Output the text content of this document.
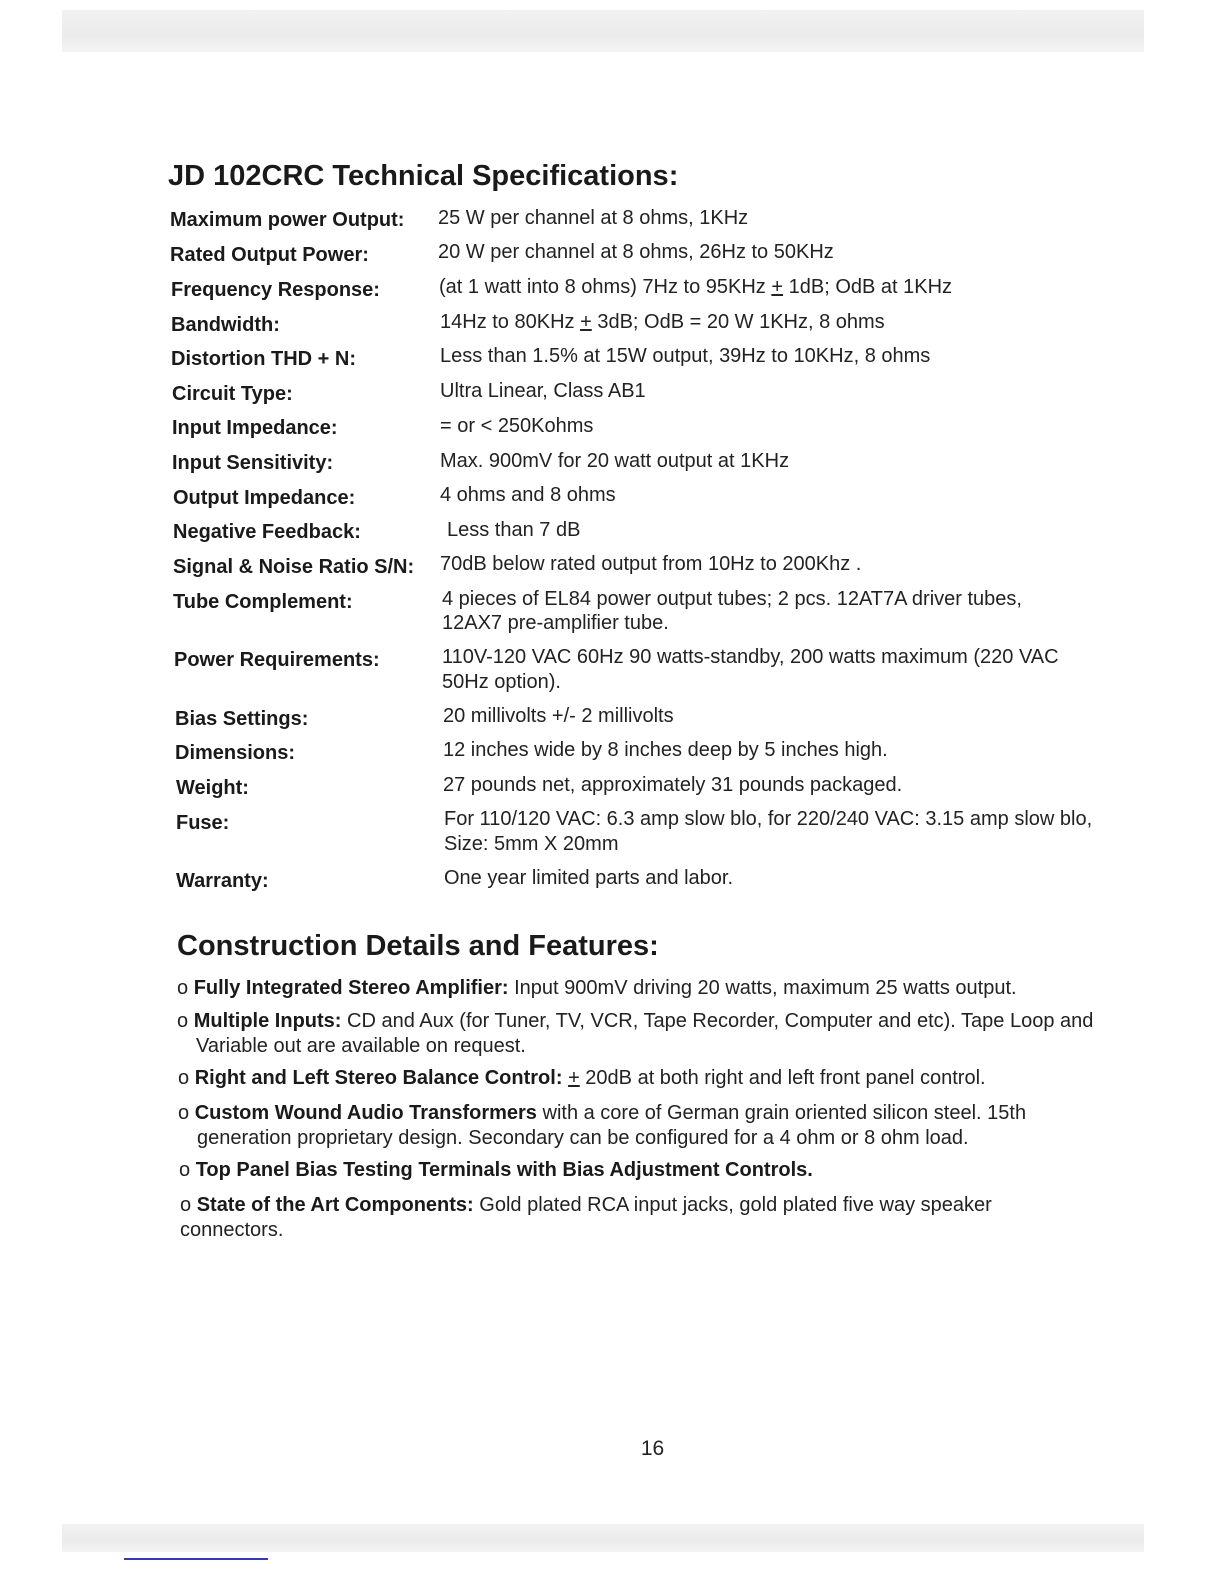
JD 102CRC Technical Specifications:
Maximum power Output: 25 W per channel at 8 ohms, 1KHz
Rated Output Power:	20 W per channel at 8 ohms, 26Hz to 50KHz
Frequency Response:	(at 1 watt into 8 ohms) 7Hz to 95KHz + 1dB; OdB at 1KHz
Bandwidth:	14Hz to 80KHz + 3dB; OdB = 20 W 1KHz, 8 ohms
Distortion THD + N:	Less than 1.5% at 15W output, 39Hz to 10KHz, 8 ohms
Circuit Type:	Ultra Linear, Class AB1
Input Impedance:	= or < 250Kohms
Input Sensitivity:	Max. 900mV for 20 watt output at 1KHz
Output Impedance:	4 ohms and 8 ohms
Negative Feedback:	Less than 7 dB
Signal & Noise Ratio S/N: 70dB below rated output from 10Hz to 200Khz .
Tube Complement:	4 pieces of EL84 power output tubes; 2 pcs. 12AT7A driver tubes,
12AX7 pre-amplifier tube.
Power Requirements:	110V-120 VAC 60Hz 90 watts-standby, 200 watts maximum (220 VAC
50Hz option).
Bias Settings:	20 millivolts +/- 2 millivolts
Dimensions:	12 inches wide by 8 inches deep by 5 inches high.
Weight:	27 pounds net, approximately 31 pounds packaged.
Fuse:	For 110/120 VAC: 6.3 amp slow blo, for 220/240 VAC: 3.15 amp slow blo,
Size: 5mm X 20mm
Warranty:	One year limited parts and labor.
Construction Details and Features:
o Fully Integrated Stereo Amplifier: Input 900mV driving 20 watts, maximum 25 watts output.
o Multiple Inputs: CD and Aux (for Tuner, TV, VCR, Tape Recorder, Computer and etc). Tape Loop and Variable out are available on request.
o Right and Left Stereo Balance Control: + 20dB at both right and left front panel control.
o Custom Wound Audio Transformers with a core of German grain oriented silicon steel. 15th generation proprietary design. Secondary can be configured for a 4 ohm or 8 ohm load.
o Top Panel Bias Testing Terminals with Bias Adjustment Controls.
o State of the Art Components: Gold plated RCA input jacks, gold plated five way speaker connectors.
16
